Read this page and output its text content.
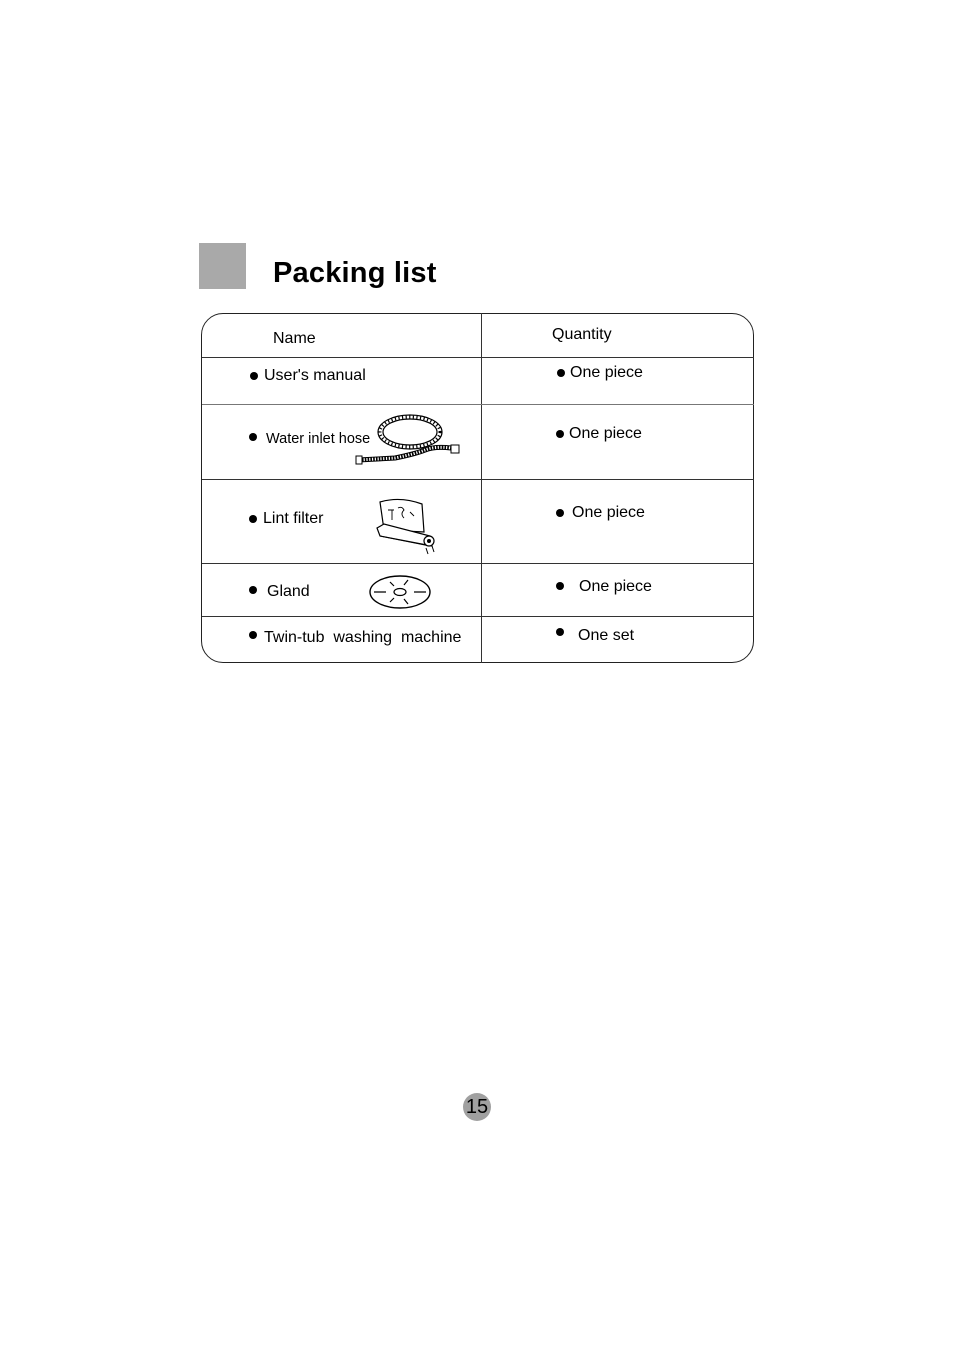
Packing list
Name	Quantity
User's manual	One piece
Water inlet hose	One piece
Lint filter	One piece
Gland	One piece
Twin-tub  washing  machine	One set
15
